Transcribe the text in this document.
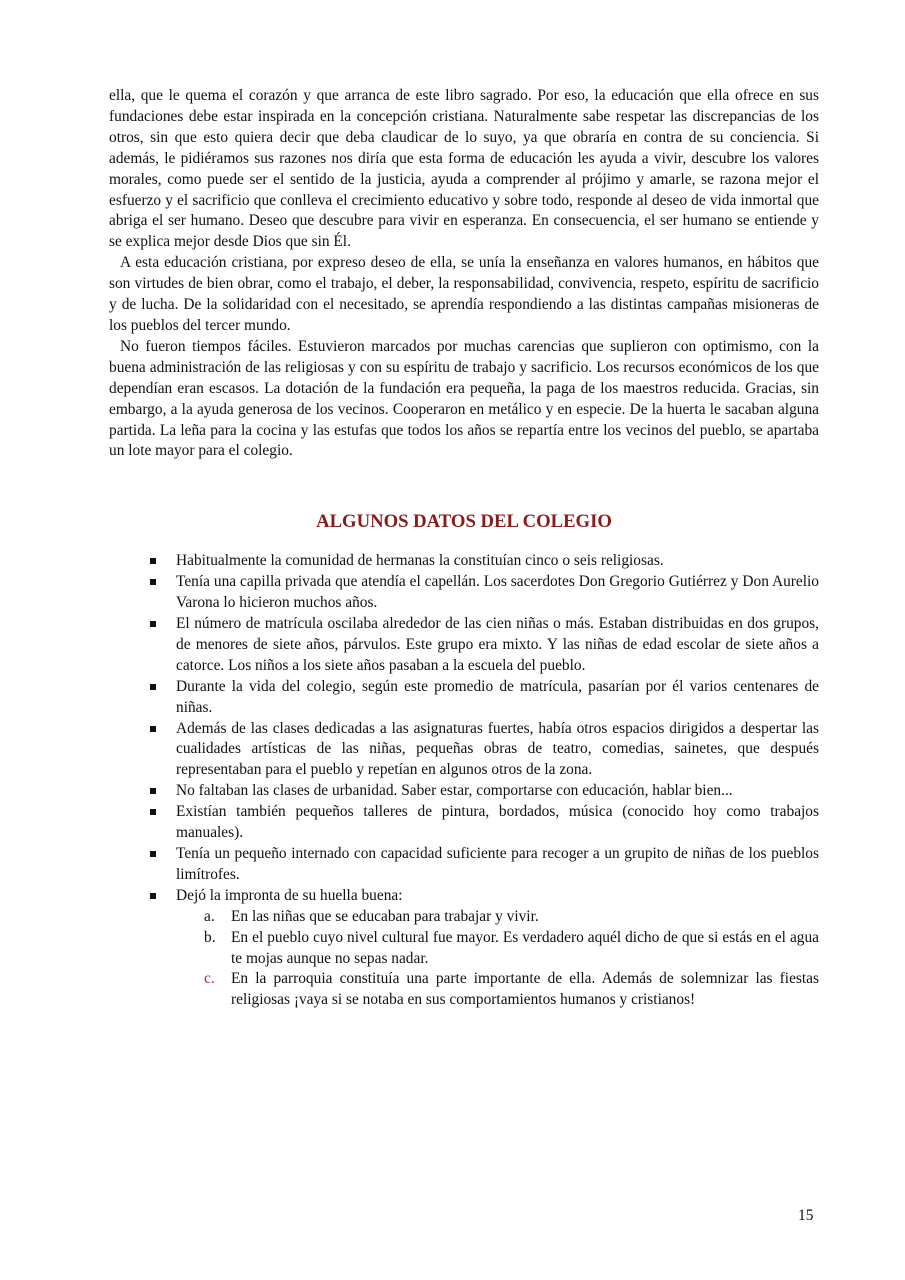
ella, que le quema el corazón y que arranca de este libro sagrado. Por eso, la educación que ella ofrece en sus fundaciones debe estar inspirada en la concepción cristiana. Naturalmente sabe respetar las discrepancias de los otros, sin que esto quiera decir que deba claudicar de lo suyo, ya que obraría en contra de su conciencia. Si además, le pidiéramos sus razones nos diría que esta forma de educación les ayuda a vivir, descubre los valores morales, como puede ser el sentido de la justicia, ayuda a comprender al prójimo y amarle, se razona mejor el esfuerzo y el sacrificio que conlleva el crecimiento educativo y sobre todo, responde al deseo de vida inmortal que abriga el ser humano. Deseo que descubre para vivir en esperanza. En consecuencia, el ser humano se entiende y se explica mejor desde Dios que sin Él.

A esta educación cristiana, por expreso deseo de ella, se unía la enseñanza en valores humanos, en hábitos que son virtudes de bien obrar, como el trabajo, el deber, la responsabilidad, convivencia, respeto, espíritu de sacrificio y de lucha. De la solidaridad con el necesitado, se aprendía respondiendo a las distintas campañas misioneras de los pueblos del tercer mundo.

No fueron tiempos fáciles. Estuvieron marcados por muchas carencias que suplieron con optimismo, con la buena administración de las religiosas y con su espíritu de trabajo y sacrificio. Los recursos económicos de los que dependían eran escasos. La dotación de la fundación era pequeña, la paga de los maestros reducida. Gracias, sin embargo, a la ayuda generosa de los vecinos. Cooperaron en metálico y en especie. De la huerta le sacaban alguna partida. La leña para la cocina y las estufas que todos los años se repartía entre los vecinos del pueblo, se apartaba un lote mayor para el colegio.

ALGUNOS DATOS DEL COLEGIO
Habitualmente la comunidad de hermanas la constituían cinco o seis religiosas.
Tenía una capilla privada que atendía el capellán. Los sacerdotes Don Gregorio Gutiérrez y Don Aurelio Varona lo hicieron muchos años.
El número de matrícula oscilaba alrededor de las cien niñas o más. Estaban distribuidas en dos grupos, de menores de siete años, párvulos. Este grupo era mixto. Y las niñas de edad escolar de siete años a catorce. Los niños a los siete años pasaban a la escuela del pueblo.
Durante la vida del colegio, según este promedio de matrícula, pasarían por él varios centenares de niñas.
Además de las clases dedicadas a las asignaturas fuertes, había otros espacios dirigidos a despertar las cualidades artísticas de las niñas, pequeñas obras de teatro, comedias, sainetes, que después representaban para el pueblo y repetían en algunos otros de la zona.
No faltaban las clases de urbanidad. Saber estar, comportarse con educación, hablar bien...
Existían también pequeños talleres de pintura, bordados, música (conocido hoy como trabajos manuales).
Tenía un pequeño internado con capacidad suficiente para recoger a un grupito de niñas de los pueblos limítrofes.
Dejó la impronta de su huella buena:
a. En las niñas que se educaban para trabajar y vivir.
b. En el pueblo cuyo nivel cultural fue mayor. Es verdadero aquél dicho de que si estás en el agua te mojas aunque no sepas nadar.
c. En la parroquia constituía una parte importante de ella. Además de solemnizar las fiestas religiosas ¡vaya si se notaba en sus comportamientos humanos y cristianos!
15
